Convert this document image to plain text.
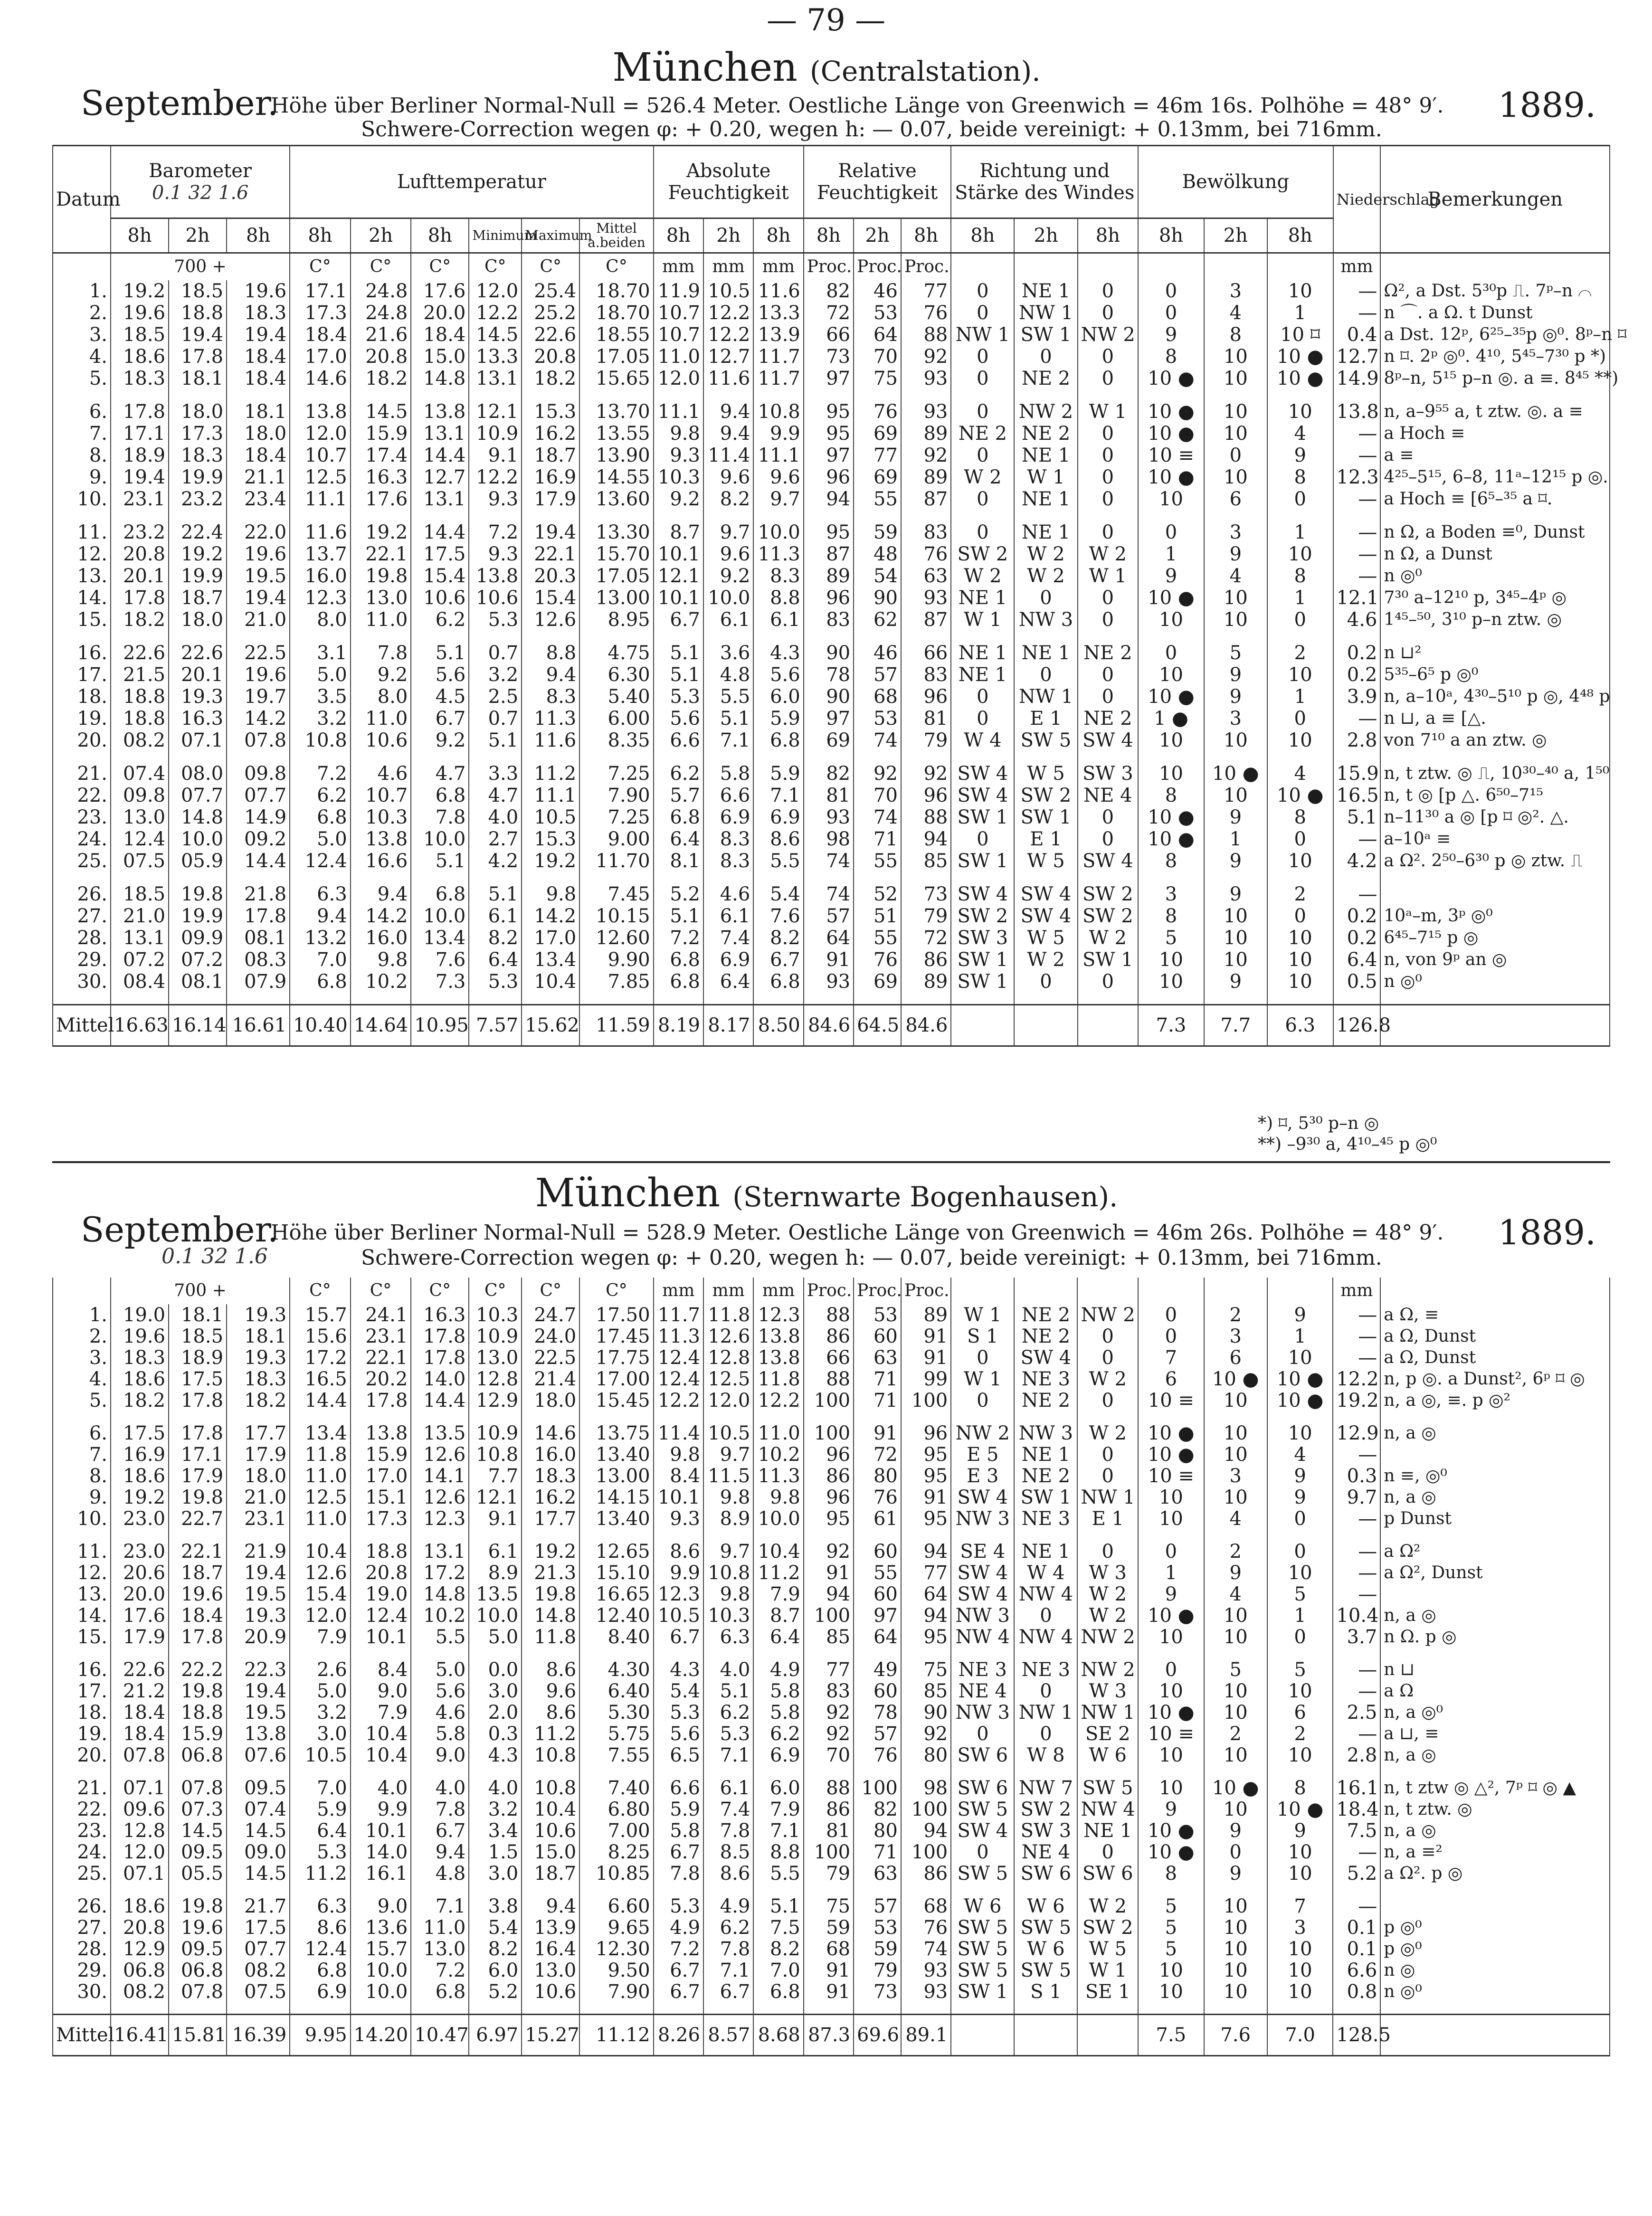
— 79 —
München (Centralstation).
September.
Höhe über Berliner Normal-Null = 526.4 Meter. Oestliche Länge von Greenwich = 46m 16s. Polhöhe = 48° 9′. 1889.
Schwere-Correction wegen φ: + 0.20, wegen h: — 0.07, beide vereinigt: + 0.13mm, bei 716mm.
München (Sternwarte Bogenhausen).
September.
Höhe über Berliner Normal-Null = 528.9 Meter. Oestliche Länge von Greenwich = 46m 26s. Polhöhe = 48° 9′. 1889.
0.1 32 1.6	Schwere-Correction wegen φ: + 0.20, wegen h: — 0.07, beide vereinigt: + 0.13mm, bei 716mm.
Datum	Barometer
0.1 32 1.6			Lufttemperatur						Absolute Feuchtigkeit			Relative Feuchtigkeit			Richtung und Stärke des Windes			Bewölkung			Niederschlag	Bemerkungen
	8h	2h	8h	8h	2h	8h	Minimum	Maximum	Mittel a.beiden	8h	2h	8h	8h	2h	8h	8h	2h	8h	8h	2h	8h		
	700 +			C°	C°	C°	C°	C°	C°	mm	mm	mm	Proc.	Proc.	Proc.							mm	
1.	19.2	18.5	19.6	17.1	24.8	17.6	12.0	25.4	18.70	11.9	10.5	11.6	82	46	77	0	NE 1	0	0	3	10	—	Ω², a Dst. 5³⁰p ⎍. 7ᵖ–n ⌒
2.	19.6	18.8	18.3	17.3	24.8	20.0	12.2	25.2	18.70	10.7	12.2	13.3	72	53	76	0	NW 1	0	0	4	1	—	n ⌒. a Ω. t Dunst
3.	18.5	19.4	19.4	18.4	21.6	18.4	14.5	22.6	18.55	10.7	12.2	13.9	66	64	88	NW 1	SW 1	NW 2	9	8	10 ⌑	0.4	a Dst. 12ᵖ, 6²⁵–³⁵p ◎⁰. 8ᵖ–n ⌑
4.	18.6	17.8	18.4	17.0	20.8	15.0	13.3	20.8	17.05	11.0	12.7	11.7	73	70	92	0	0	0	8	10	10 ●	12.7	n ⌑. 2ᵖ ◎⁰. 4¹⁰, 5⁴⁵–7³⁰ p *)
5.	18.3	18.1	18.4	14.6	18.2	14.8	13.1	18.2	15.65	12.0	11.6	11.7	97	75	93	0	NE 2	0	10 ●	10	10 ●	14.9	8ᵖ–n, 5¹⁵ p–n ◎. a ≡. 8⁴⁵ **)

6.	17.8	18.0	18.1	13.8	14.5	13.8	12.1	15.3	13.70	11.1	9.4	10.8	95	76	93	0	NW 2	W 1	10 ●	10	10	13.8	n, a–9⁵⁵ a, t ztw. ◎. a ≡
7.	17.1	17.3	18.0	12.0	15.9	13.1	10.9	16.2	13.55	9.8	9.4	9.9	95	69	89	NE 2	NE 2	0	10 ●	10	4	—	a Hoch ≡
8.	18.9	18.3	18.4	10.7	17.4	14.4	9.1	18.7	13.90	9.3	11.4	11.1	97	77	92	0	NE 1	0	10 ≡	0	9	—	a ≡
9.	19.4	19.9	21.1	12.5	16.3	12.7	12.2	16.9	14.55	10.3	9.6	9.6	96	69	89	W 2	W 1	0	10 ●	10	8	12.3	4²⁵–5¹⁵, 6–8, 11ᵃ–12¹⁵ p ◎.
10.	23.1	23.2	23.4	11.1	17.6	13.1	9.3	17.9	13.60	9.2	8.2	9.7	94	55	87	0	NE 1	0	10	6	0	—	a Hoch ≡ [6⁵–³⁵ a ⌑.

11.	23.2	22.4	22.0	11.6	19.2	14.4	7.2	19.4	13.30	8.7	9.7	10.0	95	59	83	0	NE 1	0	0	3	1	—	n Ω, a Boden ≡⁰, Dunst
12.	20.8	19.2	19.6	13.7	22.1	17.5	9.3	22.1	15.70	10.1	9.6	11.3	87	48	76	SW 2	W 2	W 2	1	9	10	—	n Ω, a Dunst
13.	20.1	19.9	19.5	16.0	19.8	15.4	13.8	20.3	17.05	12.1	9.2	8.3	89	54	63	W 2	W 2	W 1	9	4	8	—	n ◎⁰
14.	17.8	18.7	19.4	12.3	13.0	10.6	10.6	15.4	13.00	10.1	10.0	8.8	96	90	93	NE 1	0	0	10 ●	10	1	12.1	7³⁰ a–12¹⁰ p, 3⁴⁵–4ᵖ ◎
15.	18.2	18.0	21.0	8.0	11.0	6.2	5.3	12.6	8.95	6.7	6.1	6.1	83	62	87	W 1	NW 3	0	10	10	0	4.6	1⁴⁵–⁵⁰, 3¹⁰ p–n ztw. ◎

16.	22.6	22.6	22.5	3.1	7.8	5.1	0.7	8.8	4.75	5.1	3.6	4.3	90	46	66	NE 1	NE 1	NE 2	0	5	2	0.2	n ⊔²
17.	21.5	20.1	19.6	5.0	9.2	5.6	3.2	9.4	6.30	5.1	4.8	5.6	78	57	83	NE 1	0	0	10	9	10	0.2	5³⁵–6⁵ p ◎⁰
18.	18.8	19.3	19.7	3.5	8.0	4.5	2.5	8.3	5.40	5.3	5.5	6.0	90	68	96	0	NW 1	0	10 ●	9	1	3.9	n, a–10ᵃ, 4³⁰–5¹⁰ p ◎, 4⁴⁸ p
19.	18.8	16.3	14.2	3.2	11.0	6.7	0.7	11.3	6.00	5.6	5.1	5.9	97	53	81	0	E 1	NE 2	1 ●	3	0	—	n ⊔, a ≡ [△.
20.	08.2	07.1	07.8	10.8	10.6	9.2	5.1	11.6	8.35	6.6	7.1	6.8	69	74	79	W 4	SW 5	SW 4	10	10	10	2.8	von 7¹⁰ a an ztw. ◎

21.	07.4	08.0	09.8	7.2	4.6	4.7	3.3	11.2	7.25	6.2	5.8	5.9	82	92	92	SW 4	W 5	SW 3	10	10 ●	4	15.9	n, t ztw. ◎ ⎍, 10³⁰–⁴⁰ a, 1⁵⁰
22.	09.8	07.7	07.7	6.2	10.7	6.8	4.7	11.1	7.90	5.7	6.6	7.1	81	70	96	SW 4	SW 2	NE 4	8	10	10 ●	16.5	n, t ◎ [p △. 6⁵⁰–7¹⁵
23.	13.0	14.8	14.9	6.8	10.3	7.8	4.0	10.5	7.25	6.8	6.9	6.9	93	74	88	SW 1	SW 1	0	10 ●	9	8	5.1	n–11³⁰ a ◎ [p ⌑ ◎². △.
24.	12.4	10.0	09.2	5.0	13.8	10.0	2.7	15.3	9.00	6.4	8.3	8.6	98	71	94	0	E 1	0	10 ●	1	0	—	a–10ᵃ ≡
25.	07.5	05.9	14.4	12.4	16.6	5.1	4.2	19.2	11.70	8.1	8.3	5.5	74	55	85	SW 1	W 5	SW 4	8	9	10	4.2	a Ω². 2⁵⁰–6³⁰ p ◎ ztw. ⎍

26.	18.5	19.8	21.8	6.3	9.4	6.8	5.1	9.8	7.45	5.2	4.6	5.4	74	52	73	SW 4	SW 4	SW 2	3	9	2	—	
27.	21.0	19.9	17.8	9.4	14.2	10.0	6.1	14.2	10.15	5.1	6.1	7.6	57	51	79	SW 2	SW 4	SW 2	8	10	0	0.2	10ᵃ–m, 3ᵖ ◎⁰
28.	13.1	09.9	08.1	13.2	16.0	13.4	8.2	17.0	12.60	7.2	7.4	8.2	64	55	72	SW 3	W 5	W 2	5	10	10	0.2	6⁴⁵–7¹⁵ p ◎
29.	07.2	07.2	08.3	7.0	9.8	7.6	6.4	13.4	9.90	6.8	6.9	6.7	91	76	86	SW 1	W 2	SW 1	10	10	10	6.4	n, von 9ᵖ an ◎
30.	08.4	08.1	07.9	6.8	10.2	7.3	5.3	10.4	7.85	6.8	6.4	6.8	93	69	89	SW 1	0	0	10	9	10	0.5	n ◎⁰

Mittel	16.63	16.14	16.61	10.40	14.64	10.95	7.57	15.62	11.59	8.19	8.17	8.50	84.6	64.5	84.6				7.3	7.7	6.3	126.8	
	700 +			C°	C°	C°	C°	C°	C°	mm	mm	mm	Proc.	Proc.	Proc.							mm	
1.	19.0	18.1	19.3	15.7	24.1	16.3	10.3	24.7	17.50	11.7	11.8	12.3	88	53	89	W 1	NE 2	NW 2	0	2	9	—	a Ω, ≡
2.	19.6	18.5	18.1	15.6	23.1	17.8	10.9	24.0	17.45	11.3	12.6	13.8	86	60	91	S 1	NE 2	0	0	3	1	—	a Ω, Dunst
3.	18.3	18.9	19.3	17.2	22.1	17.8	13.0	22.5	17.75	12.4	12.8	13.8	66	63	91	0	SW 4	0	7	6	10	—	a Ω, Dunst
4.	18.6	17.5	18.3	16.5	20.2	14.0	12.8	21.4	17.00	12.4	12.5	11.8	88	71	99	W 1	NE 3	W 2	6	10 ●	10 ●	12.2	n, p ◎. a Dunst², 6ᵖ ⌑ ◎
5.	18.2	17.8	18.2	14.4	17.8	14.4	12.9	18.0	15.45	12.2	12.0	12.2	100	71	100	0	NE 2	0	10 ≡	10	10 ●	19.2	n, a ◎, ≡. p ◎²

6.	17.5	17.8	17.7	13.4	13.8	13.5	10.9	14.6	13.75	11.4	10.5	11.0	100	91	96	NW 2	NW 3	W 2	10 ●	10	10	12.9	n, a ◎
7.	16.9	17.1	17.9	11.8	15.9	12.6	10.8	16.0	13.40	9.8	9.7	10.2	96	72	95	E 5	NE 1	0	10 ●	10	4	—	
8.	18.6	17.9	18.0	11.0	17.0	14.1	7.7	18.3	13.00	8.4	11.5	11.3	86	80	95	E 3	NE 2	0	10 ≡	3	9	0.3	n ≡, ◎⁰
9.	19.2	19.8	21.0	12.5	15.1	12.6	12.1	16.2	14.15	10.1	9.8	9.8	96	76	91	SW 4	SW 1	NW 1	10	10	9	9.7	n, a ◎
10.	23.0	22.7	23.1	11.0	17.3	12.3	9.1	17.7	13.40	9.3	8.9	10.0	95	61	95	NW 3	NE 3	E 1	10	4	0	—	p Dunst

11.	23.0	22.1	21.9	10.4	18.8	13.1	6.1	19.2	12.65	8.6	9.7	10.4	92	60	94	SE 4	NE 1	0	0	2	0	—	a Ω²
12.	20.6	18.7	19.4	12.6	20.8	17.2	8.9	21.3	15.10	9.9	10.8	11.2	91	55	77	SW 4	W 4	W 3	1	9	10	—	a Ω², Dunst
13.	20.0	19.6	19.5	15.4	19.0	14.8	13.5	19.8	16.65	12.3	9.8	7.9	94	60	64	SW 4	NW 4	W 2	9	4	5	—	
14.	17.6	18.4	19.3	12.0	12.4	10.2	10.0	14.8	12.40	10.5	10.3	8.7	100	97	94	NW 3	0	W 2	10 ●	10	1	10.4	n, a ◎
15.	17.9	17.8	20.9	7.9	10.1	5.5	5.0	11.8	8.40	6.7	6.3	6.4	85	64	95	NW 4	NW 4	NW 2	10	10	0	3.7	n Ω. p ◎

16.	22.6	22.2	22.3	2.6	8.4	5.0	0.0	8.6	4.30	4.3	4.0	4.9	77	49	75	NE 3	NE 3	NW 2	0	5	5	—	n ⊔
17.	21.2	19.8	19.4	5.0	9.0	5.6	3.0	9.6	6.40	5.4	5.1	5.8	83	60	85	NE 4	0	W 3	10	10	10	—	a Ω
18.	18.4	18.8	19.5	3.2	7.9	4.6	2.0	8.6	5.30	5.3	6.2	5.8	92	78	90	NW 3	NW 1	NW 1	10 ●	10	6	2.5	n, a ◎⁰
19.	18.4	15.9	13.8	3.0	10.4	5.8	0.3	11.2	5.75	5.6	5.3	6.2	92	57	92	0	0	SE 2	10 ≡	2	2	—	a ⊔, ≡
20.	07.8	06.8	07.6	10.5	10.4	9.0	4.3	10.8	7.55	6.5	7.1	6.9	70	76	80	SW 6	W 8	W 6	10	10	10	2.8	n, a ◎

21.	07.1	07.8	09.5	7.0	4.0	4.0	4.0	10.8	7.40	6.6	6.1	6.0	88	100	98	SW 6	NW 7	SW 5	10	10 ●	8	16.1	n, t ztw ◎ △², 7ᵖ ⌑ ◎ ▲
22.	09.6	07.3	07.4	5.9	9.9	7.8	3.2	10.4	6.80	5.9	7.4	7.9	86	82	100	SW 5	SW 2	NW 4	9	10	10 ●	18.4	n, t ztw. ◎
23.	12.8	14.5	14.5	6.4	10.1	6.7	3.4	10.6	7.00	5.8	7.8	7.1	81	80	94	SW 4	SW 3	NE 1	10 ●	9	9	7.5	n, a ◎
24.	12.0	09.5	09.0	5.3	14.0	9.4	1.5	15.0	8.25	6.7	8.5	8.8	100	71	100	0	NE 4	0	10 ●	0	10	—	n, a ≡²
25.	07.1	05.5	14.5	11.2	16.1	4.8	3.0	18.7	10.85	7.8	8.6	5.5	79	63	86	SW 5	SW 6	SW 6	8	9	10	5.2	a Ω². p ◎

26.	18.6	19.8	21.7	6.3	9.0	7.1	3.8	9.4	6.60	5.3	4.9	5.1	75	57	68	W 6	W 6	W 2	5	10	7	—	
27.	20.8	19.6	17.5	8.6	13.6	11.0	5.4	13.9	9.65	4.9	6.2	7.5	59	53	76	SW 5	SW 5	SW 2	5	10	3	0.1	p ◎⁰
28.	12.9	09.5	07.7	12.4	15.7	13.0	8.2	16.4	12.30	7.2	7.8	8.2	68	59	74	SW 5	W 6	W 5	5	10	10	0.1	p ◎⁰
29.	06.8	06.8	08.2	6.8	10.0	7.2	6.0	13.0	9.50	6.7	7.1	7.0	91	79	93	SW 5	SW 5	W 1	10	10	10	6.6	n ◎
30.	08.2	07.8	07.5	6.9	10.0	6.8	5.2	10.6	7.90	6.7	6.7	6.8	91	73	93	SW 1	S 1	SE 1	10	10	10	0.8	n ◎⁰

Mittel	16.41	15.81	16.39	9.95	14.20	10.47	6.97	15.27	11.12	8.26	8.57	8.68	87.3	69.6	89.1				7.5	7.6	7.0	128.5	
*) ⌑, 5³⁰ p–n ◎
**) –9³⁰ a, 4¹⁰–⁴⁵ p ◎⁰
